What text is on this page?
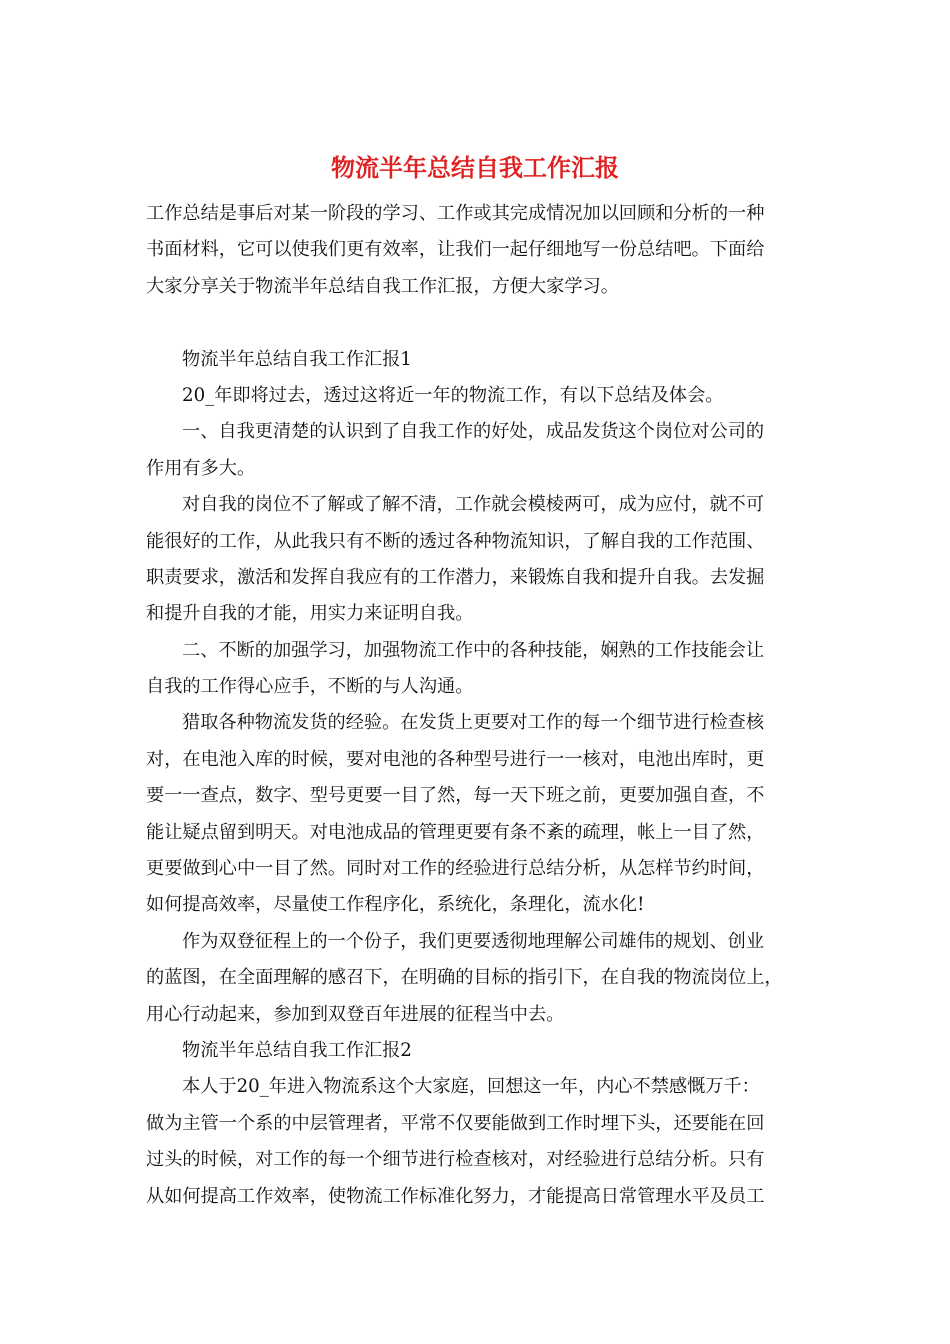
物流半年总结自我工作汇报
工作总结是事后对某一阶段的学习、工作或其完成情况加以回顾和分析的一种
书面材料，它可以使我们更有效率，让我们一起仔细地写一份总结吧。下面给
大家分享关于物流半年总结自我工作汇报，方便大家学习。
物流半年总结自我工作汇报1
20_年即将过去，透过这将近一年的物流工作，有以下总结及体会。
一、自我更清楚的认识到了自我工作的好处，成品发货这个岗位对公司的
作用有多大。
对自我的岗位不了解或了解不清，工作就会模棱两可，成为应付，就不可
能很好的工作，从此我只有不断的透过各种物流知识，了解自我的工作范围、
职责要求，激活和发挥自我应有的工作潜力，来锻炼自我和提升自我。去发掘
和提升自我的才能，用实力来证明自我。
二、不断的加强学习，加强物流工作中的各种技能，娴熟的工作技能会让
自我的工作得心应手，不断的与人沟通。
猎取各种物流发货的经验。在发货上更要对工作的每一个细节进行检查核
对，在电池入库的时候，要对电池的各种型号进行一一核对，电池出库时，更
要一一查点，数字、型号更要一目了然，每一天下班之前，更要加强自查，不
能让疑点留到明天。对电池成品的管理更要有条不紊的疏理，帐上一目了然，
更要做到心中一目了然。同时对工作的经验进行总结分析，从怎样节约时间，
如何提高效率，尽量使工作程序化，系统化，条理化，流水化!
作为双登征程上的一个份子，我们更要透彻地理解公司雄伟的规划、创业
的蓝图，在全面理解的感召下，在明确的目标的指引下，在自我的物流岗位上，
用心行动起来，参加到双登百年进展的征程当中去。
物流半年总结自我工作汇报2
本人于20_年进入物流系这个大家庭，回想这一年，内心不禁感慨万千：
做为主管一个系的中层管理者，平常不仅要能做到工作时埋下头，还要能在回
过头的时候，对工作的每一个细节进行检查核对，对经验进行总结分析。只有
从如何提高工作效率，使物流工作标准化努力，才能提高日常管理水平及员工
